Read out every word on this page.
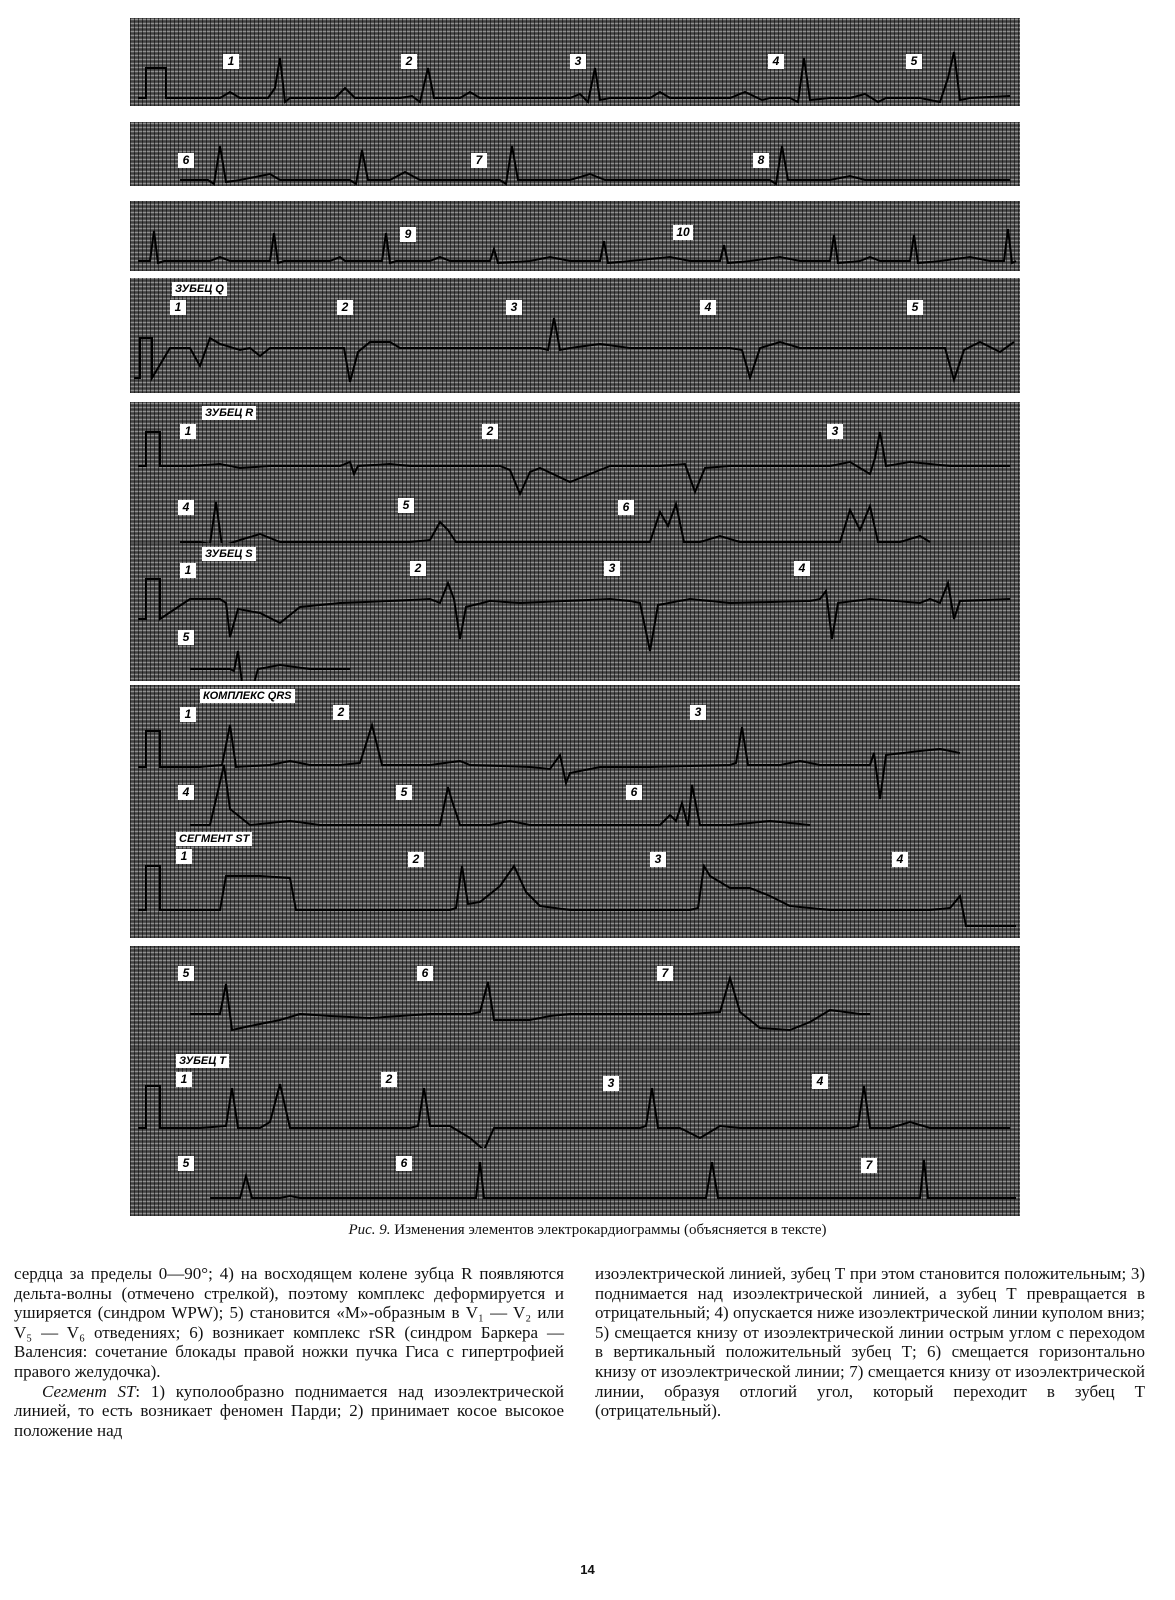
1	2	3	4	5
6	7	8
9	10
ЗУБЕЦ Q
1	2	3	4	5
ЗУБЕЦ R
1	2	3
4	5	6
ЗУБЕЦ S
1	2	3	4
5
КОМПЛЕКС QRS
1	2	3
4	5	6
СЕГМЕНТ ST
1	2	3	4
5	6	7
ЗУБЕЦ Т
1	2	3	4
5	6	7
Рис. 9. Изменения элементов электрокардиограммы (объясняется в тексте)

сердца за пределы 0—90°; 4) на восходящем колене зубца R появляются дельта-волны (отмечено стрелкой), поэтому комплекс деформируется и уширяется (синдром WPW); 5) становится «М»-образным в V₁ — V₂ или V₅ — V₆ отведениях; 6) возникает комплекс rSR (синдром Баркера — Валенсия: сочетание блокады правой ножки пучка Гиса с гипертрофией правого желудочка).

Сегмент ST: 1) куполообразно поднимается над изоэлектрической линией, то есть возникает феномен Парди; 2) принимает косое высокое положение над

изоэлектрической линией, зубец Т при этом становится положительным; 3) поднимается над изоэлектрической линией, а зубец Т превращается в отрицательный; 4) опускается ниже изоэлектрической линии куполом вниз; 5) смещается книзу от изоэлектрической линии острым углом с переходом в вертикальный положительный зубец Т; 6) смещается горизонтально книзу от изоэлектрической линии; 7) смещается книзу от изоэлектрической линии, образуя отлогий угол, который переходит в зубец Т (отрицательный).

14
